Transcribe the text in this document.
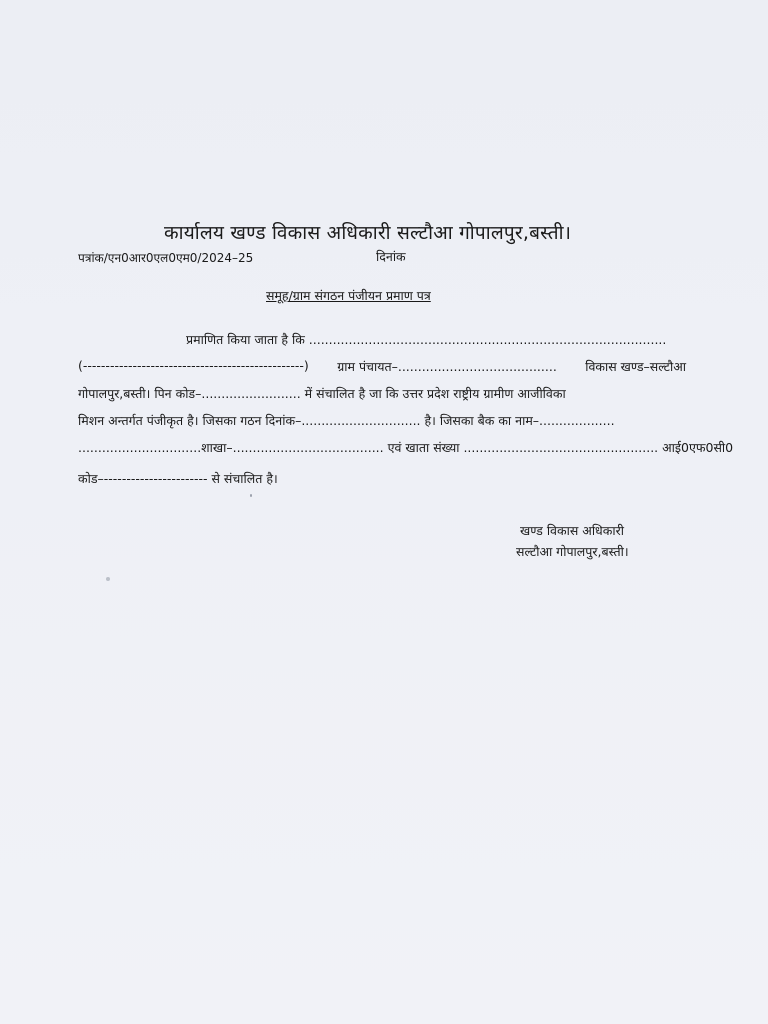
कार्यालय खण्ड विकास अधिकारी सल्टौआ गोपालपुर,बस्ती।
पत्रांक/एन0आर0एल0एम0/2024–25	दिनांक
समूह/ग्राम संगठन पंजीयन प्रमाण पत्र
प्रमाणित किया जाता है कि ..........................................................................................
(-------------------------------------------------) ग्राम पंचायत–........................................ विकास खण्ड–सल्टौआ
गोपालपुर,बस्ती। पिन कोड–......................... में संचालित है जा कि उत्तर प्रदेश राष्ट्रीय ग्रामीण आजीविका
मिशन अन्तर्गत पंजीकृत है। जिसका गठन दिनांक–.............................. है। जिसका बैक का नाम–...................
...............................शाखा–...................................... एवं खाता संख्या ................................................. आई0एफ0सी0
कोड–----------------------- से संचालित है।
खण्ड विकास अधिकारी
सल्टौआ गोपालपुर,बस्ती।
